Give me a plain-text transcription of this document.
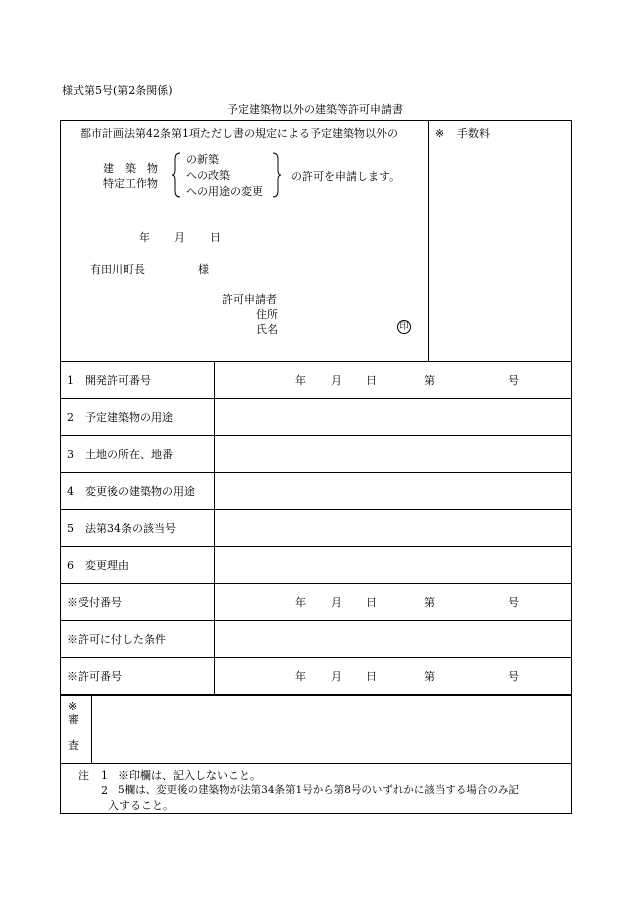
様式第5号(第2条関係)
予定建築物以外の建築等許可申請書
都市計画法第42条第1項ただし書の規定による予定建築物以外の
建　築　物
特定工作物
の新築
への改築
への用途の変更
の許可を申請します。
年 月 日
有田川町長	様
許可申請者
住所
氏名	印
※ 手数料
1　開発許可番号	年 月 日	第	号
2　予定建築物の用途
3　土地の所在、地番
4　変更後の建築物の用途
5　法第34条の該当号
6　変更理由
※受付番号	年 月 日	第	号
※許可に付した条件
※許可番号	年 月 日	第	号
※
審
査
注 1 ※印欄は、記入しないこと。
2 5欄は、変更後の建築物が法第34条第1号から第8号のいずれかに該当する場合のみ記
入すること。
